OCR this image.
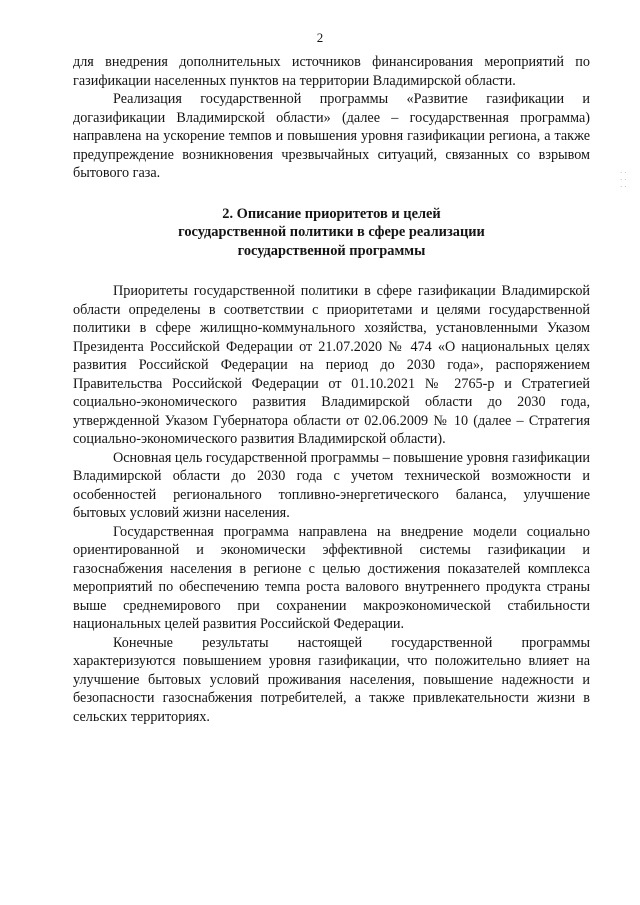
2
· ·
· ·
· ·

для внедрения дополнительных источников финансирования мероприятий по газификации населенных пунктов на территории Владимирской области.

Реализация государственной программы «Развитие газификации и догазификации Владимирской области» (далее – государственная программа) направлена на ускорение темпов и повышения уровня газификации региона, а также предупреждение возникновения чрезвычайных ситуаций, связанных со взрывом бытового газа.

2. Описание приоритетов и целей
государственной политики в сфере реализации
государственной программы

Приоритеты государственной политики в сфере газификации Владимирской области определены в соответствии с приоритетами и целями государственной политики в сфере жилищно-коммунального хозяйства, установленными Указом Президента Российской Федерации от 21.07.2020 № 474 «О национальных целях развития Российской Федерации на период до 2030 года», распоряжением Правительства Российской Федерации от 01.10.2021 № 2765-р и Стратегией социально-экономического развития Владимирской области до 2030 года, утвержденной Указом Губернатора области от 02.06.2009 № 10 (далее – Стратегия социально-экономического развития Владимирской области).

Основная цель государственной программы – повышение уровня газификации Владимирской области до 2030 года с учетом технической возможности и особенностей регионального топливно-энергетического баланса, улучшение бытовых условий жизни населения.

Государственная программа направлена на внедрение модели социально ориентированной и экономически эффективной системы газификации и газоснабжения населения в регионе с целью достижения показателей комплекса мероприятий по обеспечению темпа роста валового внутреннего продукта страны выше среднемирового при сохранении макроэкономической стабильности национальных целей развития Российской Федерации.

Конечные результаты настоящей государственной программы характеризуются повышением уровня газификации, что положительно влияет на улучшение бытовых условий проживания населения, повышение надежности и безопасности газоснабжения потребителей, а также привлекательности жизни в сельских территориях.
